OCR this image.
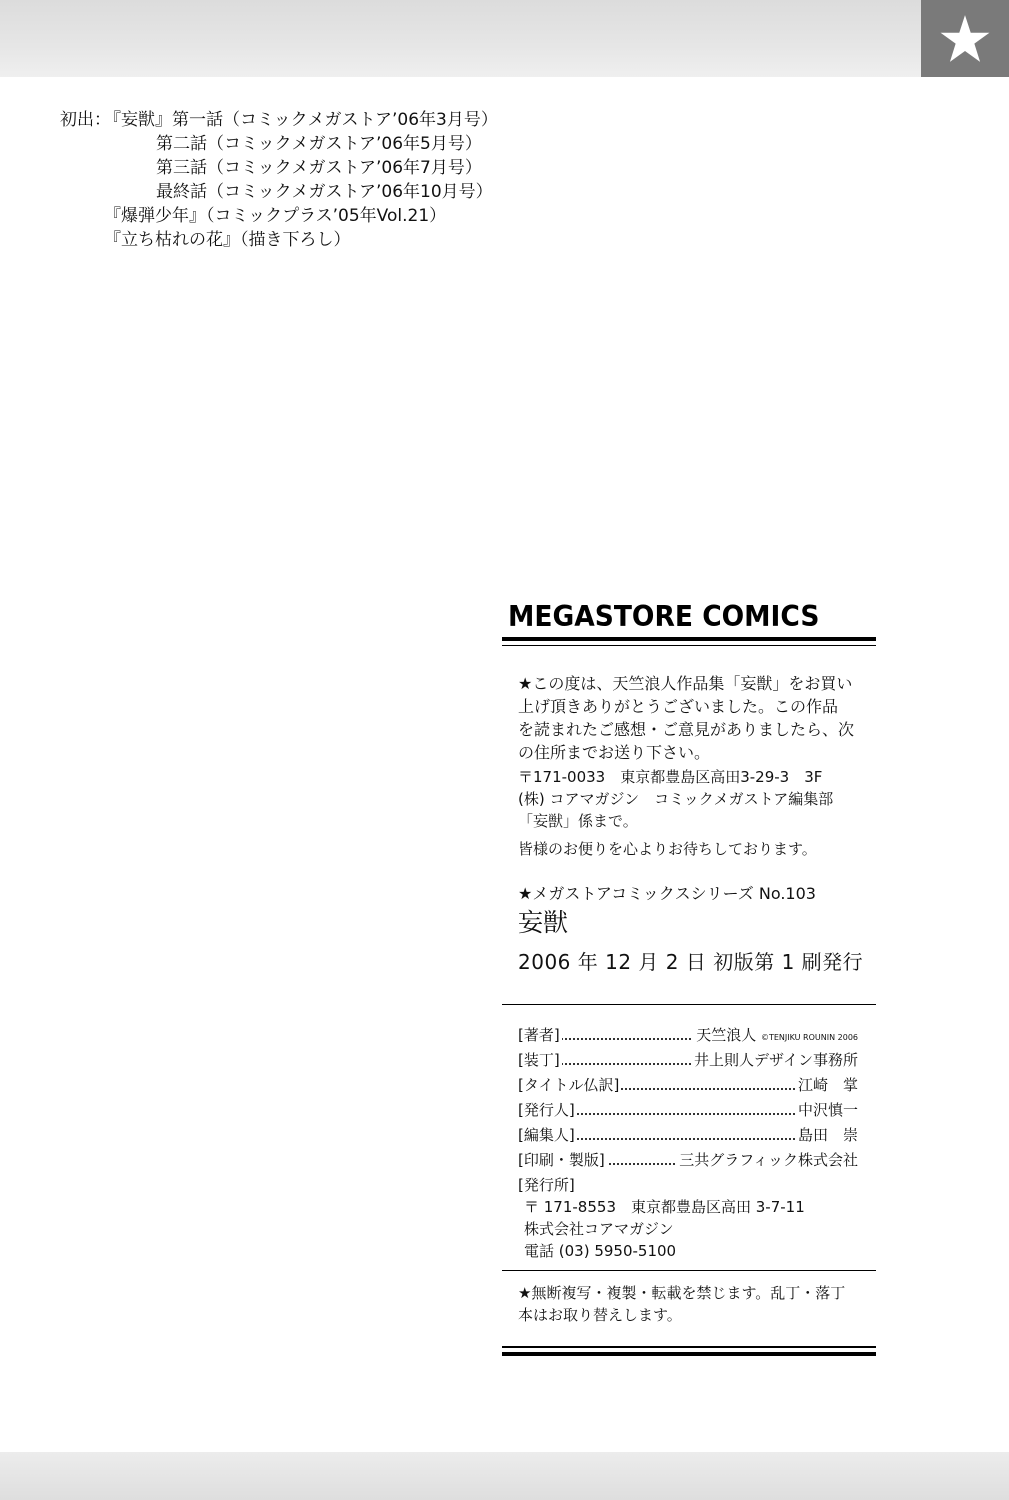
初出：
『妄獣』第一話（コミックメガストア’06年3月号）
第二話（コミックメガストア’06年5月号）
第三話（コミックメガストア’06年7月号）
最終話（コミックメガストア’06年10月号）
『爆弾少年』（コミックプラス’05年Vol.21）
『立ち枯れの花』（描き下ろし）
MEGASTORE COMICS
★この度は、天竺浪人作品集「妄獣」をお買い
上げ頂きありがとうございました。この作品
を読まれたご感想・ご意見がありましたら、次
の住所までお送り下さい。
〒171-0033　東京都豊島区高田3-29-3　3F
(株) コアマガジン　コミックメガストア編集部
「妄獣」係まで。
皆様のお便りを心よりお待ちしております。
★メガストアコミックスシリーズ No.103
妄獣
2006 年 12 月 2 日 初版第 1 刷発行
[著者]	天竺浪人 ©TENJIKU ROUNIN 2006
[装丁]	井上則人デザイン事務所
[タイトル仏訳]	江崎　掌
[発行人]	中沢慎一
[編集人]	島田　崇
[印刷・製版]	三共グラフィック株式会社
[発行所]
〒 171-8553　東京都豊島区高田 3-7-11
株式会社コアマガジン
電話 (03) 5950-5100
★無断複写・複製・転載を禁じます。乱丁・落丁
本はお取り替えします。
